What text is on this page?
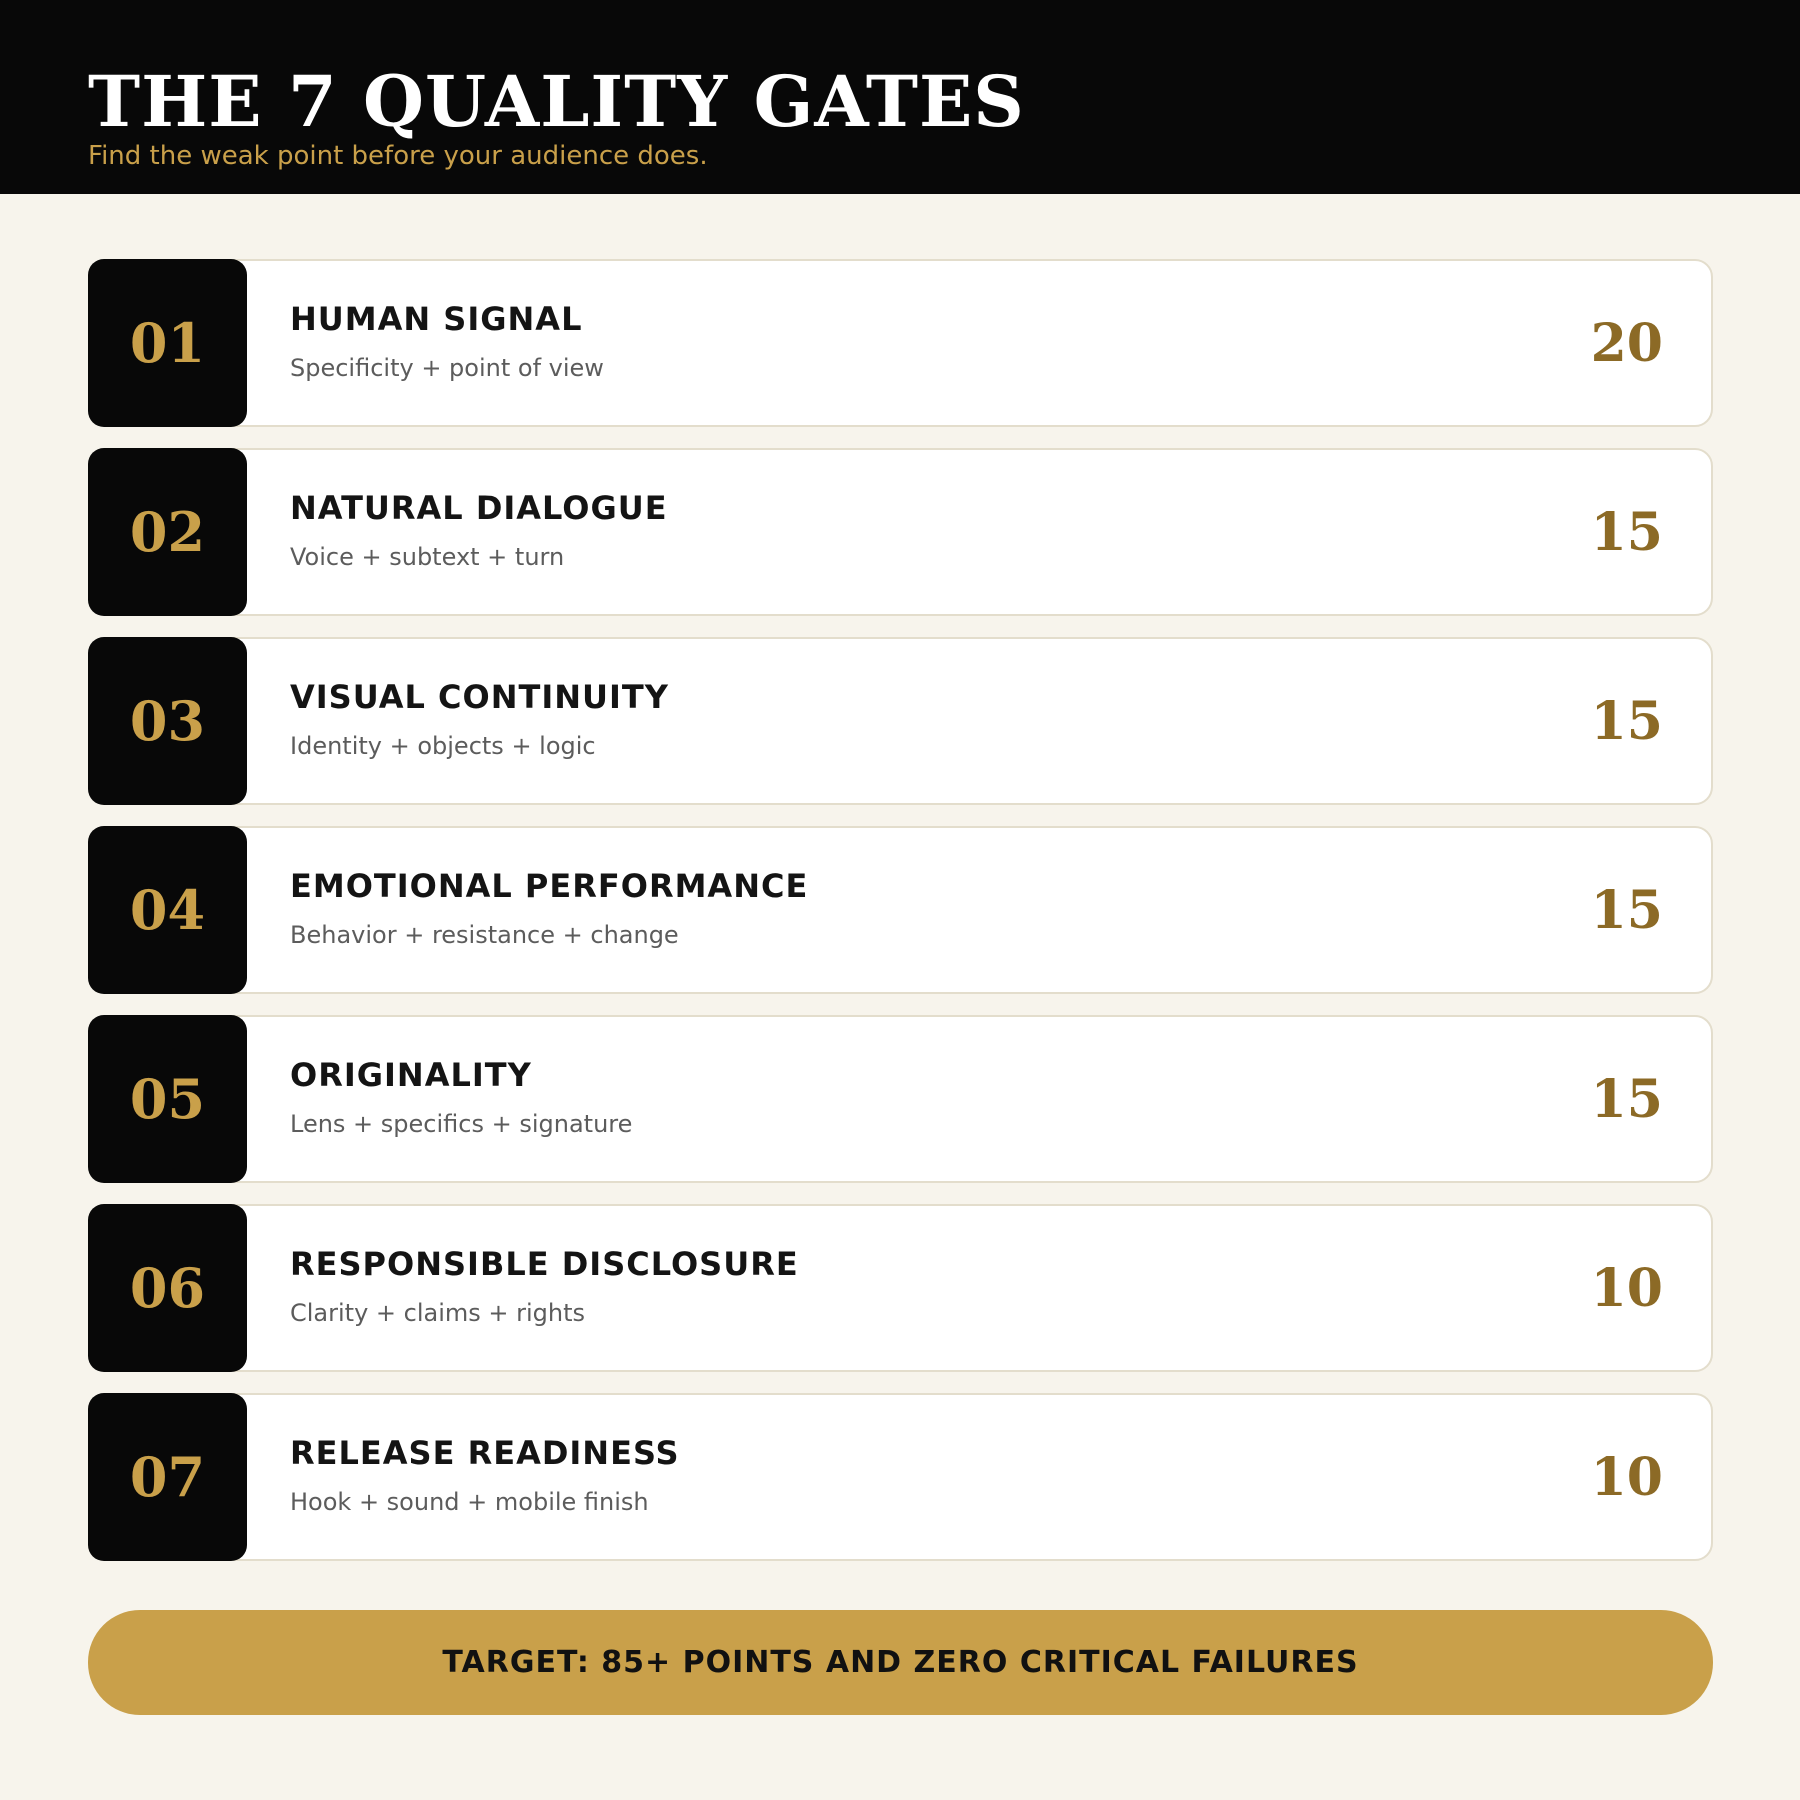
THE 7 QUALITY GATES
Find the weak point before your audience does.
01	HUMAN SIGNAL
Specificity + point of view	20
02	NATURAL DIALOGUE
Voice + subtext + turn	15
03	VISUAL CONTINUITY
Identity + objects + logic	15
04	EMOTIONAL PERFORMANCE
Behavior + resistance + change	15
05	ORIGINALITY
Lens + specifics + signature	15
06	RESPONSIBLE DISCLOSURE
Clarity + claims + rights	10
07	RELEASE READINESS
Hook + sound + mobile finish	10
TARGET: 85+ POINTS AND ZERO CRITICAL FAILURES
